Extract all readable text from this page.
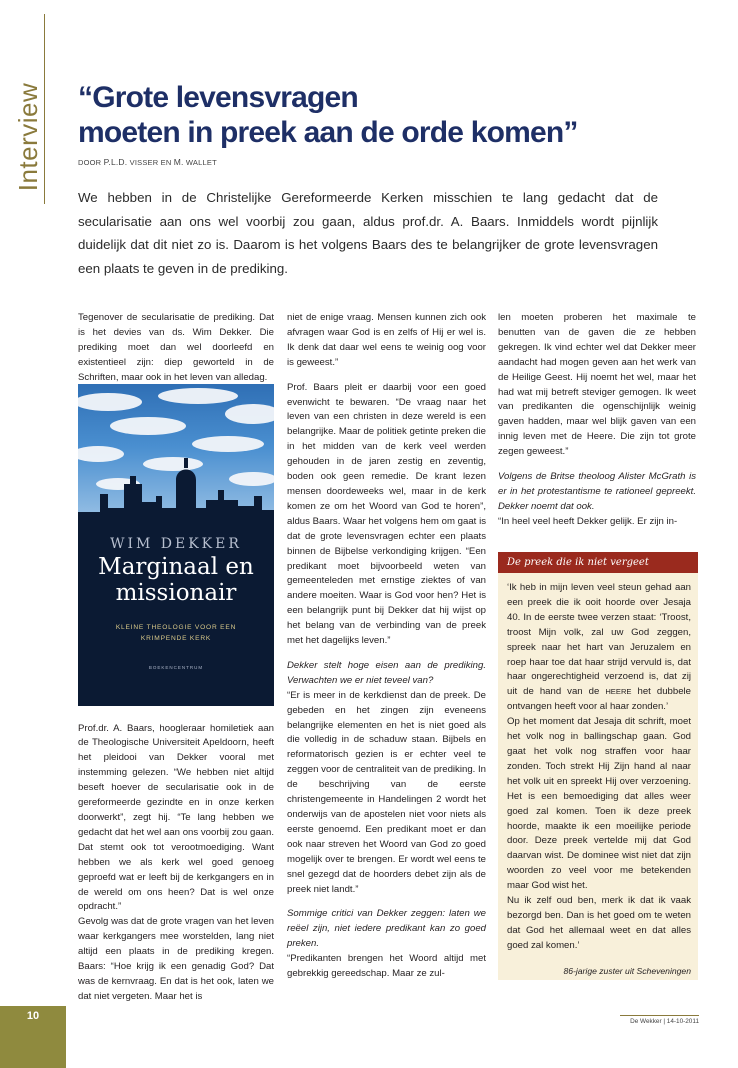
Interview “Grote levensvragen
moeten in preek aan de orde komen”
DOOR P.L.D. VISSER EN M. WALLET

We hebben in de Christelijke Gereformeerde Kerken misschien te lang gedacht dat de secularisatie aan ons wel voorbij zou gaan, aldus prof.dr. A. Baars. Inmiddels wordt pijnlijk duidelijk dat dit niet zo is. Daarom is het volgens Baars des te belangrijker de grote levensvragen een plaats te geven in de prediking.

Tegenover de secularisatie de prediking. Dat is het devies van ds. Wim Dekker. Die prediking moet dan wel doorleefd en existentieel zijn: diep geworteld in de Schriften, maar ook in het leven van alledag.

Prof.dr. A. Baars, hoogleraar homiletiek aan de Theologische Universiteit Apeldoorn, heeft het pleidooi van Dekker vooral met instemming gelezen. “We hebben niet altijd beseft hoever de secularisatie ook in de gereformeerde gezindte en in onze kerken doorwerkt”, zegt hij. “Te lang hebben we gedacht dat het wel aan ons voorbij zou gaan. Dat stemt ook tot verootmoediging. Want hebben we als kerk wel goed genoeg geproefd wat er leeft bij de kerkgangers en in de wereld om ons heen? Dat is wel onze opdracht.”

Gevolg was dat de grote vragen van het leven waar kerkgangers mee worstelden, lang niet altijd een plaats in de prediking kregen. Baars: “Hoe krijg ik een genadig God? Dat was de kernvraag. En dat is het ook, laten we dat niet vergeten. Maar het is

WIM DEKKER
Marginaal en missionair
KLEINE THEOLOGIE VOOR EEN KRIMPENDE KERK
BOEKENCENTRUM

niet de enige vraag. Mensen kunnen zich ook afvragen waar God is en zelfs of Hij er wel is. Ik denk dat daar wel eens te weinig oog voor is geweest.”

Prof. Baars pleit er daarbij voor een goed evenwicht te bewaren. “De vraag naar het leven van een christen in deze wereld is een belangrijke. Maar de politiek getinte preken die in het midden van de kerk veel werden gehouden in de jaren zestig en zeventig, boden ook geen remedie. De krant lezen mensen doordeweeks wel, maar in de kerk komen ze om het Woord van God te horen”, aldus Baars. Waar het volgens hem om gaat is dat de grote levensvragen echter een plaats binnen de Bijbelse verkondiging krijgen. “Een predikant moet bijvoorbeeld weten van gemeenteleden met ernstige ziektes of van andere moeiten. Waar is God voor hen? Het is een belangrijk punt bij Dekker dat hij wijst op het belang van de verbinding van de preek met het dagelijks leven.”

Dekker stelt hoge eisen aan de prediking. Verwachten we er niet teveel van?

“Er is meer in de kerkdienst dan de preek. De gebeden en het zingen zijn eveneens belangrijke elementen en het is niet goed als die volledig in de schaduw staan. Bijbels en reformatorisch gezien is er echter veel te zeggen voor de centraliteit van de prediking. In de beschrijving van de eerste christengemeente in Handelingen 2 wordt het onderwijs van de apostelen niet voor niets als eerste genoemd. Een predikant moet er dan ook naar streven het Woord van God zo goed mogelijk over te brengen. Er wordt wel eens te snel gezegd dat de hoorders debet zijn als de preek niet landt.”

Sommige critici van Dekker zeggen: laten we reëel zijn, niet iedere predikant kan zo goed preken.

“Predikanten brengen het Woord altijd met gebrekkig gereedschap. Maar ze zul-

len moeten proberen het maximale te benutten van de gaven die ze hebben gekregen. Ik vind echter wel dat Dekker meer aandacht had mogen geven aan het werk van de Heilige Geest. Hij noemt het wel, maar het had wat mij betreft steviger gemogen. Ik weet van predikanten die ogenschijnlijk weinig gaven hadden, maar wel blijk gaven van een innig leven met de Heere. Die zijn tot grote zegen geweest.”

Volgens de Britse theoloog Alister McGrath is er in het protestantisme te rationeel gepreekt. Dekker noemt dat ook.

“In heel veel heeft Dekker gelijk. Er zijn in-

De preek die ik niet vergeet

‘Ik heb in mijn leven veel steun gehad aan een preek die ik ooit hoorde over Jesaja 40. In de eerste twee verzen staat: ‘Troost, troost Mijn volk, zal uw God zeggen, spreek naar het hart van Jeruzalem en roep haar toe dat haar strijd vervuld is, dat haar ongerechtigheid verzoend is, dat zij uit de hand van de HEERE het dubbele ontvangen heeft voor al haar zonden.’

Op het moment dat Jesaja dit schrift, moet het volk nog in ballingschap gaan. God gaat het volk nog straffen voor haar zonden. Toch strekt Hij Zijn hand al naar het volk uit en spreekt Hij over verzoening. Het is een bemoediging dat alles weer goed zal komen. Toen ik deze preek hoorde, maakte ik een moeilijke periode door. Deze preek vertelde mij dat God daarvan wist. De dominee wist niet dat zijn woorden zo veel voor me betekenden maar God wist het.

Nu ik zelf oud ben, merk ik dat ik vaak bezorgd ben. Dan is het goed om te weten dat God het allemaal weet en dat alles goed zal komen.’

86-jarige zuster uit Scheveningen
10	De Wekker | 14-10-2011
